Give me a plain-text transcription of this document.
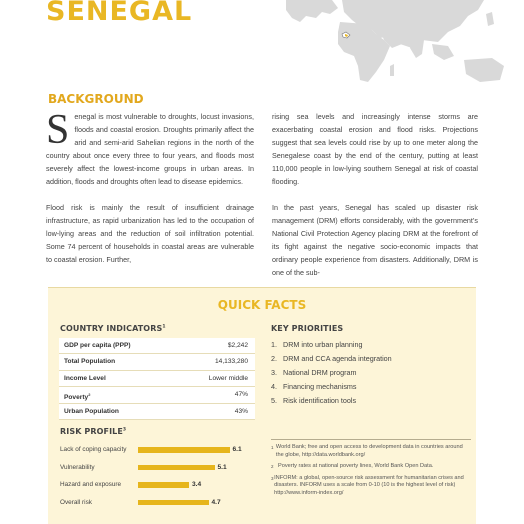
SENEGAL
BACKGROUND

Senegal is most vulnerable to droughts, locust invasions, floods and coastal erosion. Droughts primarily affect the arid and semi-arid Sahelian regions in the north of the country about once every three to four years, and floods most severely affect the lowest-income groups in urban areas. In addition, floods and droughts often lead to disease epidemics.

Flood risk is mainly the result of insufficient drainage infrastructure, as rapid urbanization has led to the occupation of low-lying areas and the reduction of soil infiltration potential. Some 74 percent of households in coastal areas are vulnerable to coastal erosion. Further,

rising sea levels and increasingly intense storms are exacerbating coastal erosion and flood risks. Projections suggest that sea levels could rise by up to one meter along the Senegalese coast by the end of the century, putting at least 110,000 people in low-lying southern Senegal at risk of coastal flooding.

In the past years, Senegal has scaled up disaster risk management (DRM) efforts considerably, with the government’s National Civil Protection Agency placing DRM at the forefront of its fight against the negative socio-economic impacts that ordinary people experience from disasters. Additionally, DRM is one of the sub-

QUICK FACTS
COUNTRY INDICATORS$^1$
GDP per capita (PPP)	$2,242
Total Population	14,133,280
Income Level	Lower middle
Poverty$^2$	47%
Urban Population	43%
KEY PRIORITIES
1. DRM into urban planning
2. DRM and CCA agenda integration
3. National DRM program
4. Financing mechanisms
5. Risk identification tools
RISK PROFILE$^3$
Lack of coping capacity	6.1
Vulnerability	5.1
Hazard and exposure	3.4
Overall risk	4.7
1 World Bank; free and open access to development data in countries around the globe, http://data.worldbank.org/
2 Poverty rates at national poverty lines, World Bank Open Data.
3 INFORM: a global, open-source risk assessment for humanitarian crises and disasters. INFORM uses a scale from 0-10 (10 is the highest level of risk) http://www.inform-index.org/
